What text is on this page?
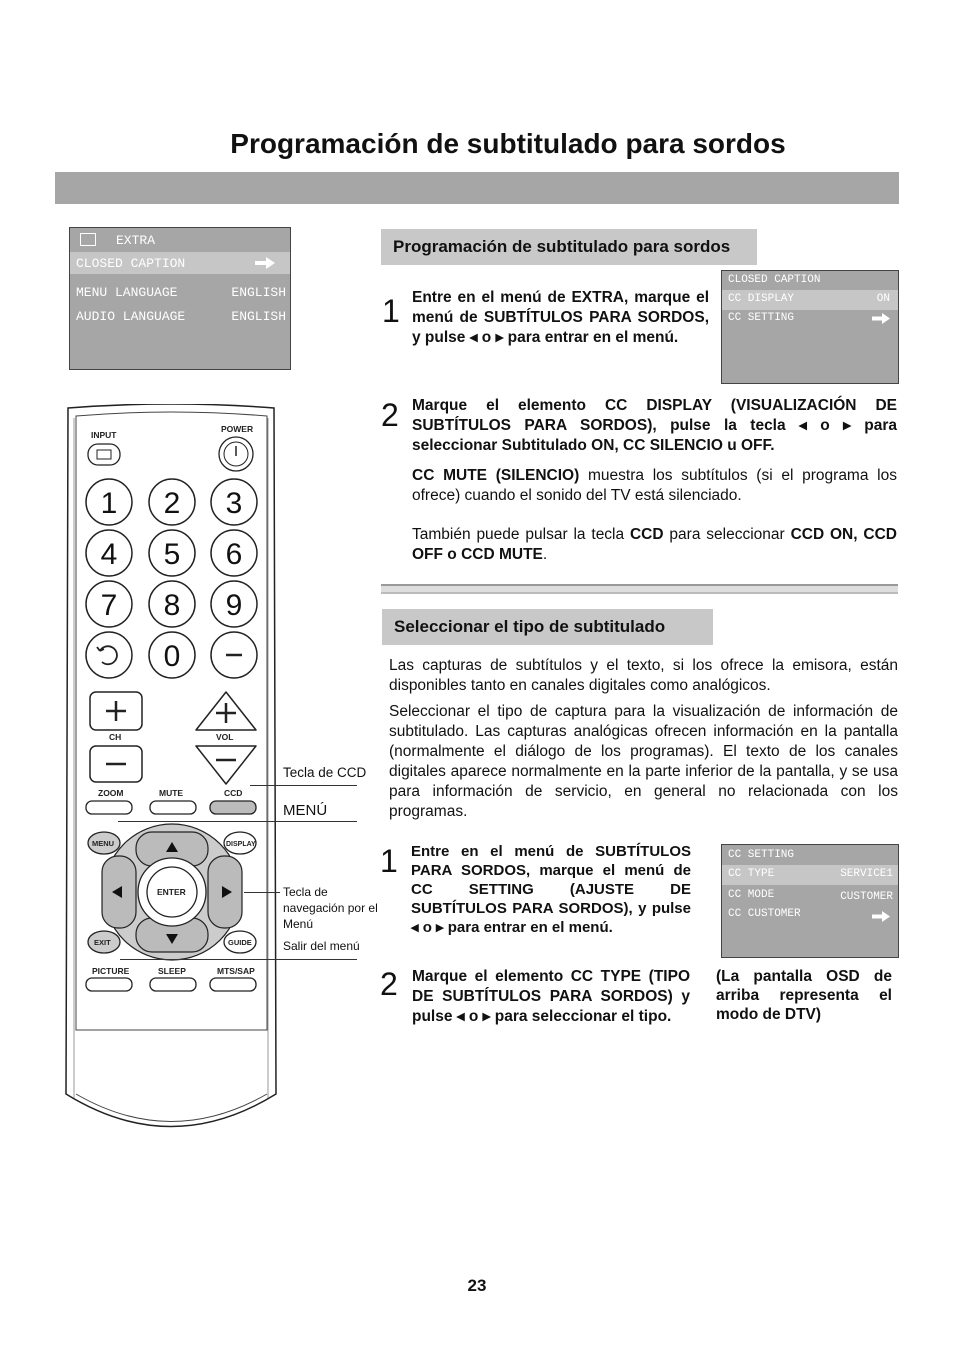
Programación de subtitulado para sordos
EXTRA
CLOSED CAPTION
MENU LANGUAGE	ENGLISH
AUDIO LANGUAGE	ENGLISH
Programación de subtitulado para sordos
CLOSED CAPTION
CC DISPLAY	ON
CC SETTING
1 Entre en el menú de EXTRA, marque el menú de SUBTÍTULOS PARA SORDOS, y pulse ◂ o ▸ para entrar en el menú.
2 Marque el elemento CC DISPLAY (VISUALIZACIÓN DE SUBTÍTULOS PARA SORDOS), pulse la tecla ◂ o ▸ para seleccionar Subtitulado ON, CC SILENCIO u OFF.
CC MUTE (SILENCIO) muestra los subtítulos (si el programa los ofrece) cuando el sonido del TV está silenciado.
También puede pulsar la tecla CCD para seleccionar CCD ON, CCD OFF o CCD MUTE.
Seleccionar el tipo de subtitulado
Las capturas de subtítulos y el texto, si los ofrece la emisora, están disponibles tanto en canales digitales como analógicos.
Seleccionar el tipo de captura para la visualización de información de subtitulado. Las capturas analógicas ofrecen información en la pantalla (normalmente el diálogo de los programas). El texto de los canales digitales aparece normalmente en la parte inferior de la pantalla, y se usa para información de servicio, en general no relacionada con los programas.
CC SETTING
CC TYPE	SERVICE1
CC MODE	CUSTOMER
CC CUSTOMER
1 Entre en el menú de SUBTÍTULOS PARA SORDOS, marque el menú de CC SETTING (AJUSTE DE SUBTÍTULOS PARA SORDOS), y pulse ◂ o ▸ para entrar en el menú.
2 Marque el elemento CC TYPE (TIPO DE SUBTÍTULOS PARA SORDOS) y pulse ◂ o ▸ para seleccionar el tipo.
(La pantalla OSD de arriba representa el modo de DTV)
INPUT
POWER
1 2 3
4 5 6
7 8 9
0
CH	VOL
ZOOM	MUTE	CCD
ENTER
MENU	DISPLAY
EXIT	GUIDE
PICTURE	SLEEP	MTS/SAP
Tecla de CCD
MENÚ
Tecla de navegación por el Menú
Salir del menú
23
